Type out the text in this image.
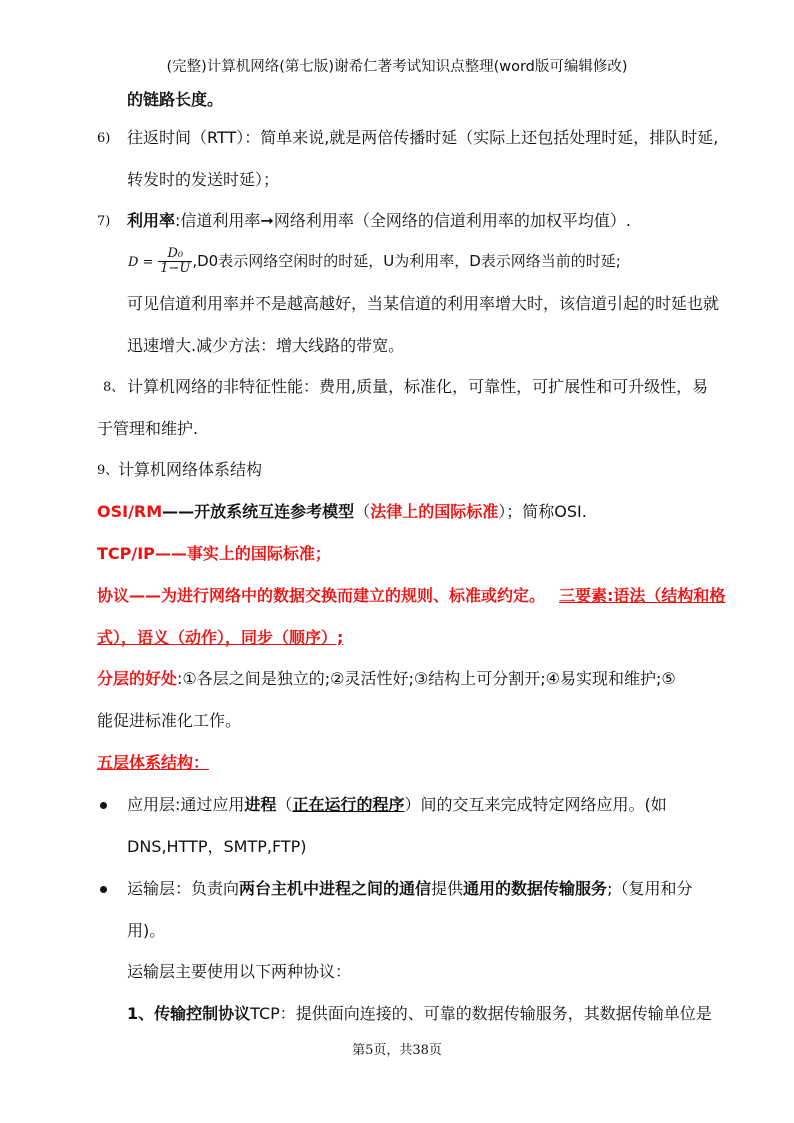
(完整)计算机网络(第七版)谢希仁著考试知识点整理(word版可编辑修改)
的链路长度。
6) 往返时间（RTT）：简单来说,就是两倍传播时延（实际上还包括处理时延，排队时延,
转发时的发送时延）；
7) 利用率:信道利用率➞网络利用率（全网络的信道利用率的加权平均值）.
$D = \frac{\text{D₀}}{1-U} ,D0$表示网络空闲时的时延，U为利用率，D表示网络当前的时延;
可见信道利用率并不是越高越好，当某信道的利用率增大时，该信道引起的时延也就
迅速增大.减少方法：增大线路的带宽。
8、 计算机网络的非特征性能：费用,质量，标准化，可靠性，可扩展性和可升级性，易
于管理和维护.
9、 计算机网络体系结构
OSI/RM——开放系统互连参考模型（法律上的国际标准）；简称OSI.
TCP/IP——事实上的国际标准；
协议——为进行网络中的数据交换而建立的规则、标准或约定。 三要素:语法（结构和格
式），语义（动作），同步（顺序）;
分层的好处:①各层之间是独立的;②灵活性好;③结构上可分割开;④易实现和维护;⑤
能促进标准化工作。
五层体系结构：
应用层:通过应用进程（正在运行的程序）间的交互来完成特定网络应用。(如
DNS,HTTP，SMTP,FTP)
运输层：负责向两台主机中进程之间的通信提供通用的数据传输服务;（复用和分
用)。
运输层主要使用以下两种协议：
1、传输控制协议TCP：提供面向连接的、可靠的数据传输服务，其数据传输单位是
第5页，共38页
